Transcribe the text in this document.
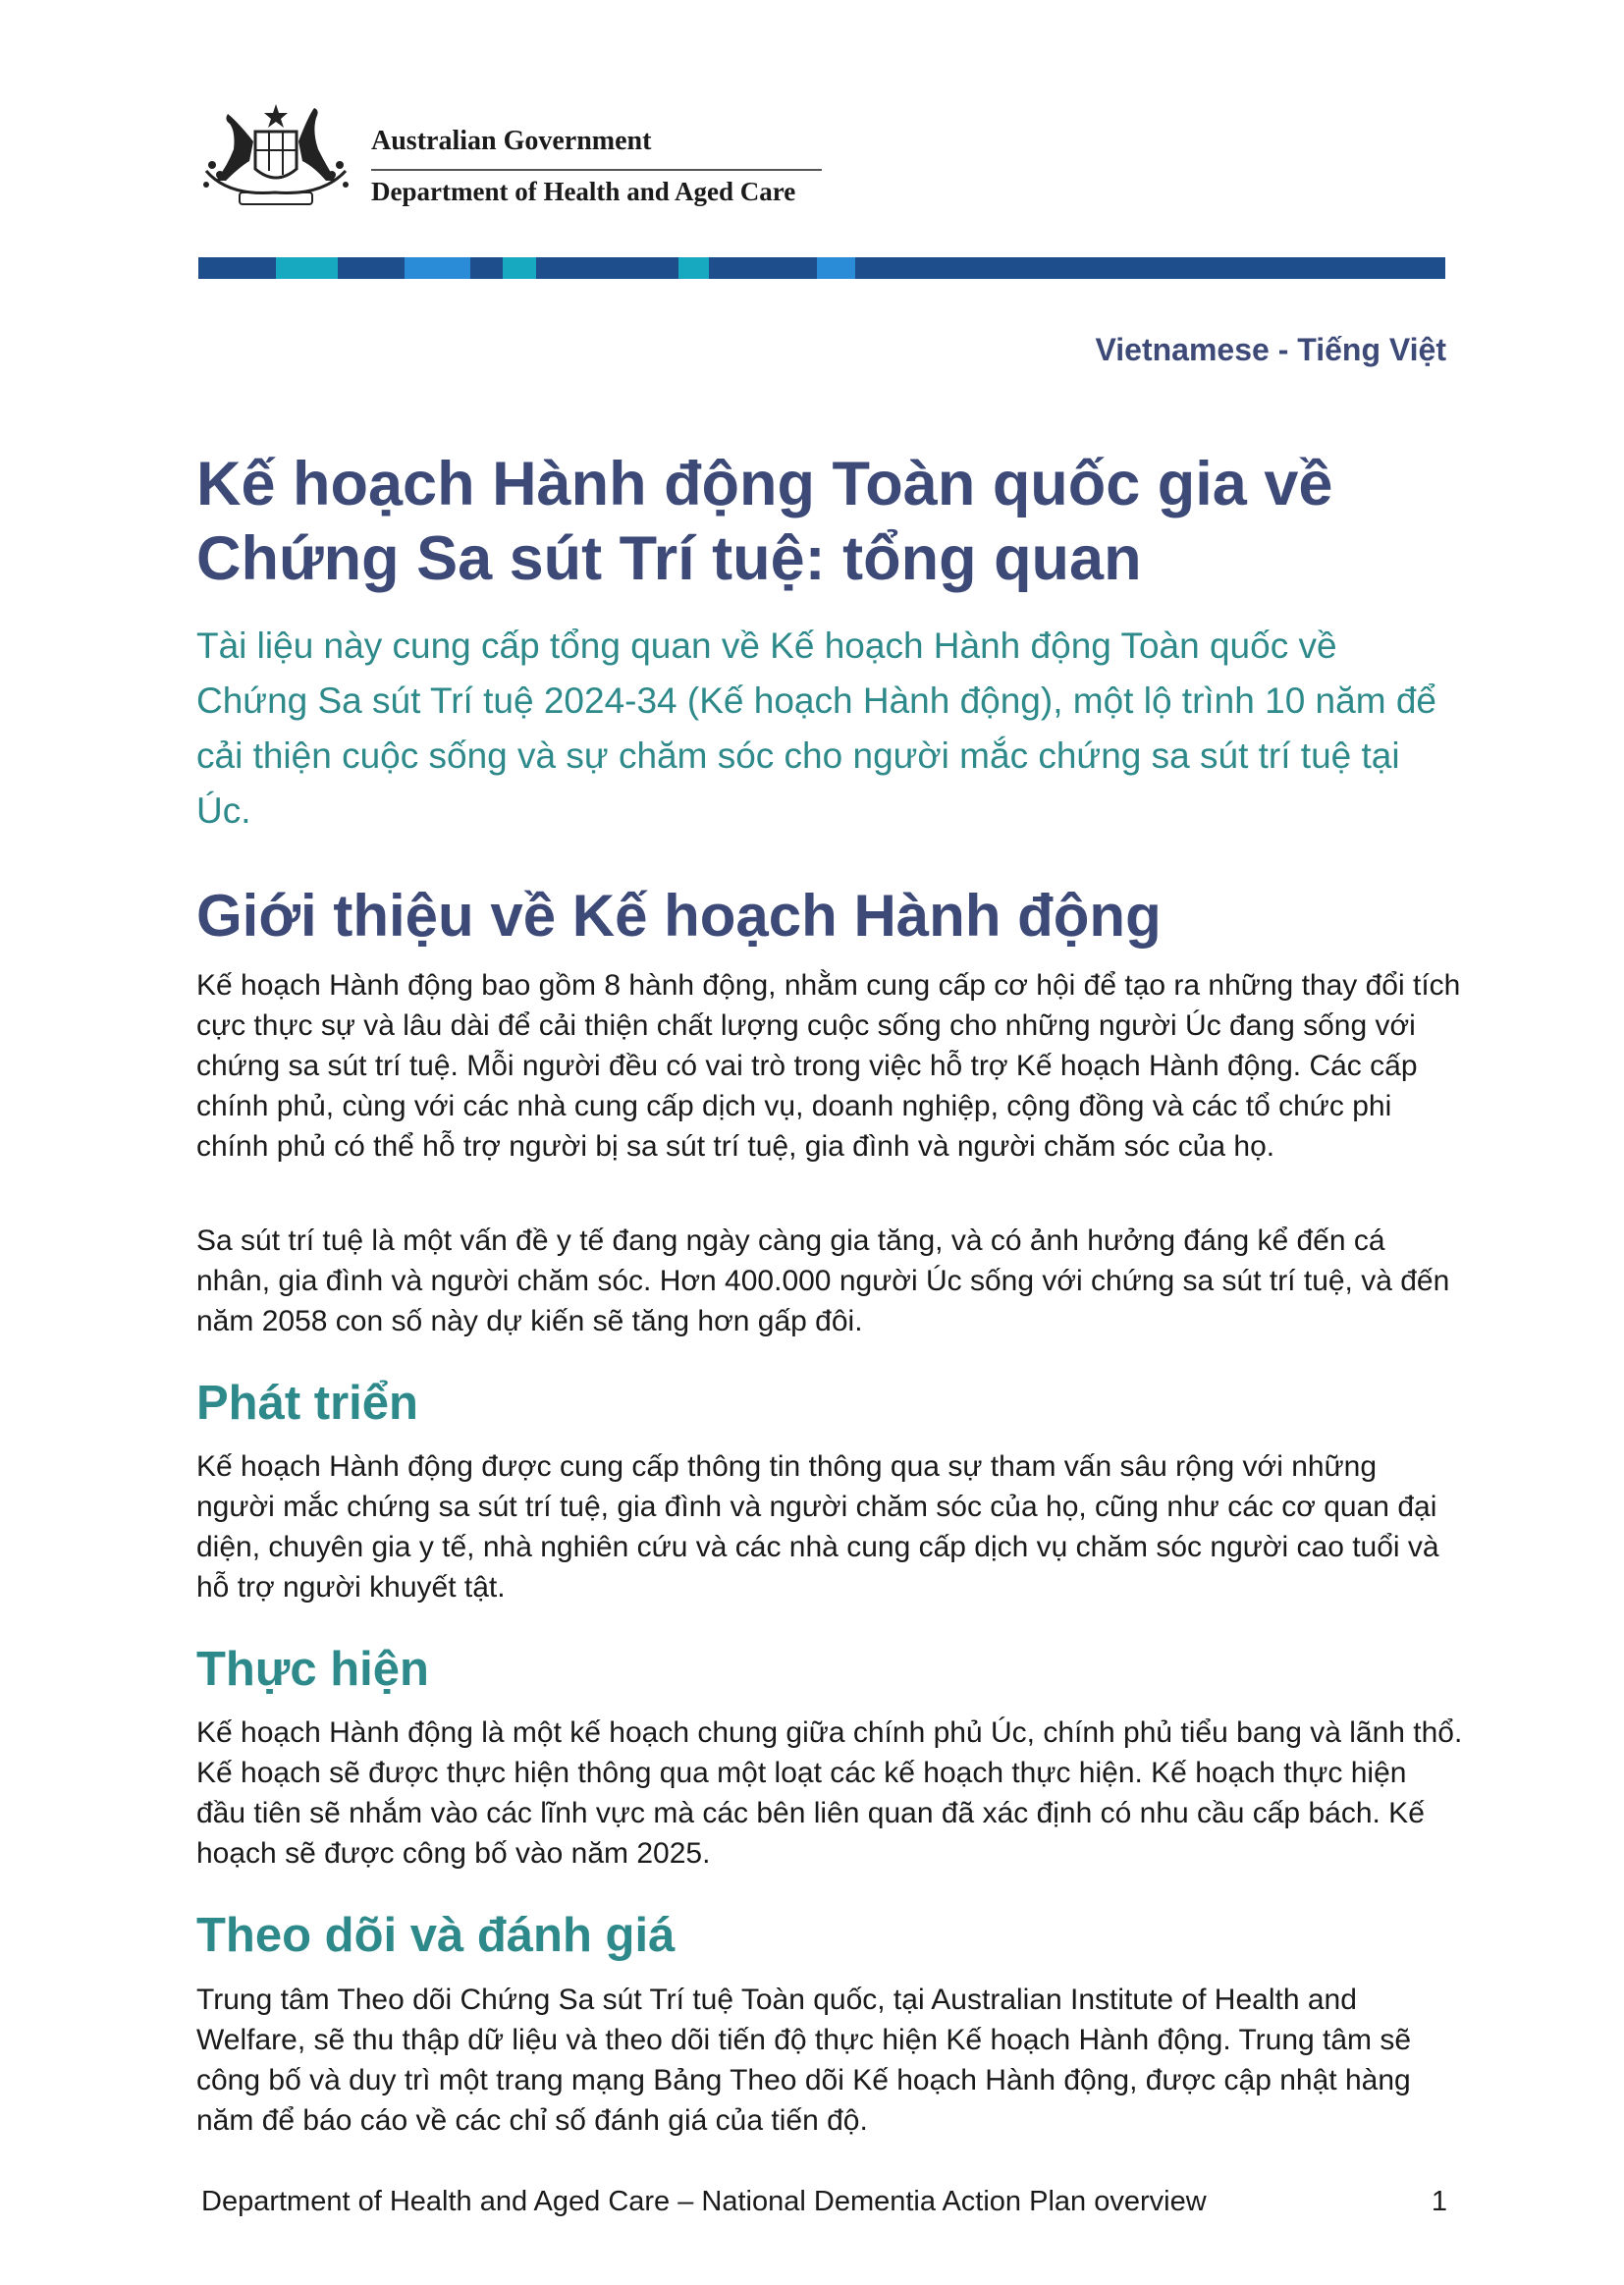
Australian Government
Department of Health and Aged Care
Vietnamese - Tiếng Việt
Kế hoạch Hành động Toàn quốc gia về
Chứng Sa sút Trí tuệ: tổng quan

Tài liệu này cung cấp tổng quan về Kế hoạch Hành động Toàn quốc về Chứng Sa sút Trí tuệ 2024-34 (Kế hoạch Hành động), một lộ trình 10 năm để cải thiện cuộc sống và sự chăm sóc cho người mắc chứng sa sút trí tuệ tại Úc.

Giới thiệu về Kế hoạch Hành động

Kế hoạch Hành động bao gồm 8 hành động, nhằm cung cấp cơ hội để tạo ra những thay đổi tích cực thực sự và lâu dài để cải thiện chất lượng cuộc sống cho những người Úc đang sống với chứng sa sút trí tuệ. Mỗi người đều có vai trò trong việc hỗ trợ Kế hoạch Hành động. Các cấp chính phủ, cùng với các nhà cung cấp dịch vụ, doanh nghiệp, cộng đồng và các tổ chức phi chính phủ có thể hỗ trợ người bị sa sút trí tuệ, gia đình và người chăm sóc của họ.

Sa sút trí tuệ là một vấn đề y tế đang ngày càng gia tăng, và có ảnh hưởng đáng kể đến cá nhân, gia đình và người chăm sóc. Hơn 400.000 người Úc sống với chứng sa sút trí tuệ, và đến năm 2058 con số này dự kiến sẽ tăng hơn gấp đôi.

Phát triển

Kế hoạch Hành động được cung cấp thông tin thông qua sự tham vấn sâu rộng với những người mắc chứng sa sút trí tuệ, gia đình và người chăm sóc của họ, cũng như các cơ quan đại diện, chuyên gia y tế, nhà nghiên cứu và các nhà cung cấp dịch vụ chăm sóc người cao tuổi và hỗ trợ người khuyết tật.

Thực hiện

Kế hoạch Hành động là một kế hoạch chung giữa chính phủ Úc, chính phủ tiểu bang và lãnh thổ. Kế hoạch sẽ được thực hiện thông qua một loạt các kế hoạch thực hiện. Kế hoạch thực hiện đầu tiên sẽ nhắm vào các lĩnh vực mà các bên liên quan đã xác định có nhu cầu cấp bách. Kế hoạch sẽ được công bố vào năm 2025.

Theo dõi và đánh giá

Trung tâm Theo dõi Chứng Sa sút Trí tuệ Toàn quốc, tại Australian Institute of Health and Welfare, sẽ thu thập dữ liệu và theo dõi tiến độ thực hiện Kế hoạch Hành động. Trung tâm sẽ công bố và duy trì một trang mạng Bảng Theo dõi Kế hoạch Hành động, được cập nhật hàng năm để báo cáo về các chỉ số đánh giá của tiến độ.

Department of Health and Aged Care – National Dementia Action Plan overview	1
